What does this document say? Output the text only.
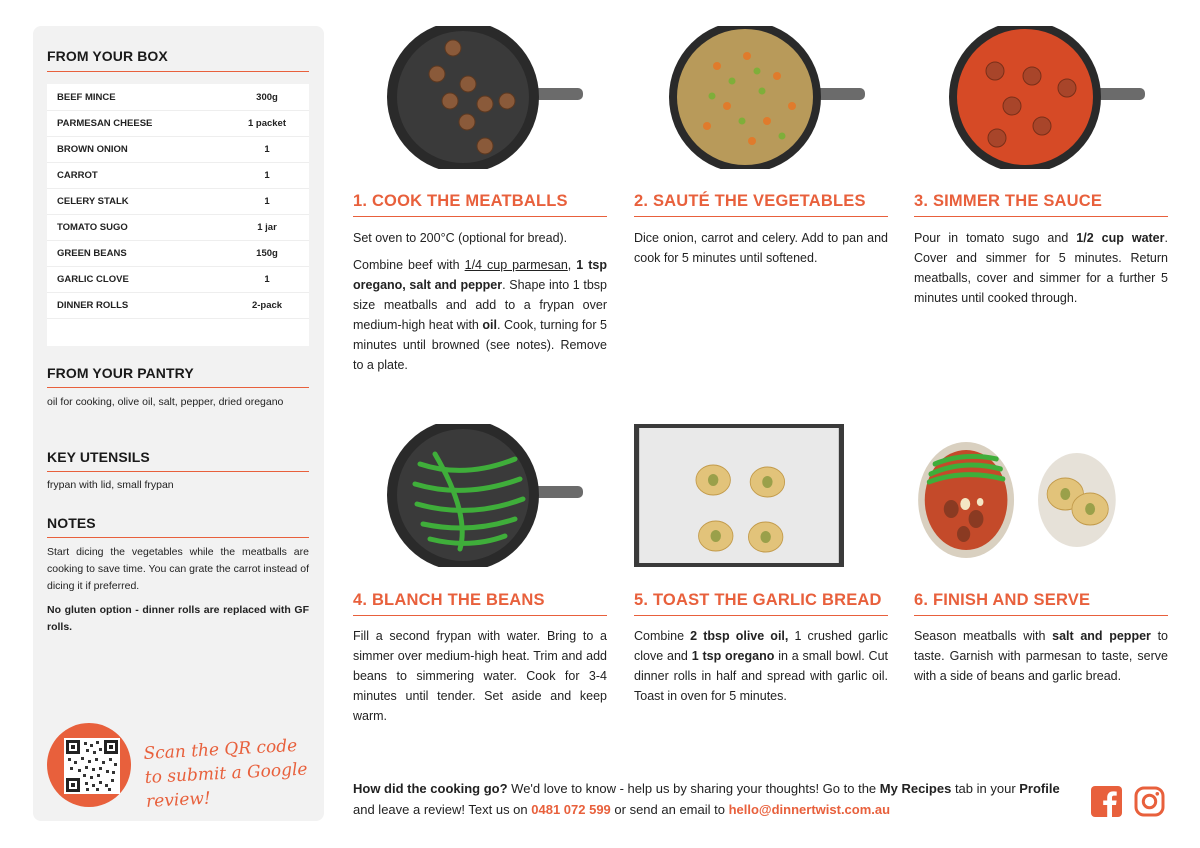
FROM YOUR BOX
BEEF MINCE	300g
PARMESAN CHEESE	1 packet
BROWN ONION	1
CARROT	1
CELERY STALK	1
TOMATO SUGO	1 jar
GREEN BEANS	150g
GARLIC CLOVE	1
DINNER ROLLS	2-pack
FROM YOUR PANTRY
oil for cooking, olive oil, salt, pepper, dried oregano
KEY UTENSILS
frypan with lid, small frypan
NOTES
Start dicing the vegetables while the meatballs are cooking to save time. You can grate the carrot instead of dicing it if preferred.
No gluten option - dinner rolls are replaced with GF rolls.
Scan the QR code to submit a Google review!
1. COOK THE MEATBALLS	2. SAUTÉ THE VEGETABLES	3. SIMMER THE SAUCE

Set oven to 200°C (optional for bread).

Combine beef with 1/4 cup parmesan, 1 tsp oregano, salt and pepper. Shape into 1 tbsp size meatballs and add to a frypan over medium-high heat with oil. Cook, turning for 5 minutes until browned (see notes). Remove to a plate.

Dice onion, carrot and celery. Add to pan and cook for 5 minutes until softened.

Pour in tomato sugo and 1/2 cup water. Cover and simmer for 5 minutes. Return meatballs, cover and simmer for a further 5 minutes until cooked through.

4. BLANCH THE BEANS	5. TOAST THE GARLIC BREAD	6. FINISH AND SERVE

Fill a second frypan with water. Bring to a simmer over medium-high heat. Trim and add beans to simmering water. Cook for 3-4 minutes until tender. Set aside and keep warm.

Combine 2 tbsp olive oil, 1 crushed garlic clove and 1 tsp oregano in a small bowl. Cut dinner rolls in half and spread with garlic oil. Toast in oven for 5 minutes.

Season meatballs with salt and pepper to taste. Garnish with parmesan to taste, serve with a side of beans and garlic bread.

How did the cooking go? We'd love to know - help us by sharing your thoughts! Go to the My Recipes tab in your Profile and leave a review! Text us on 0481 072 599 or send an email to hello@dinnertwist.com.au
